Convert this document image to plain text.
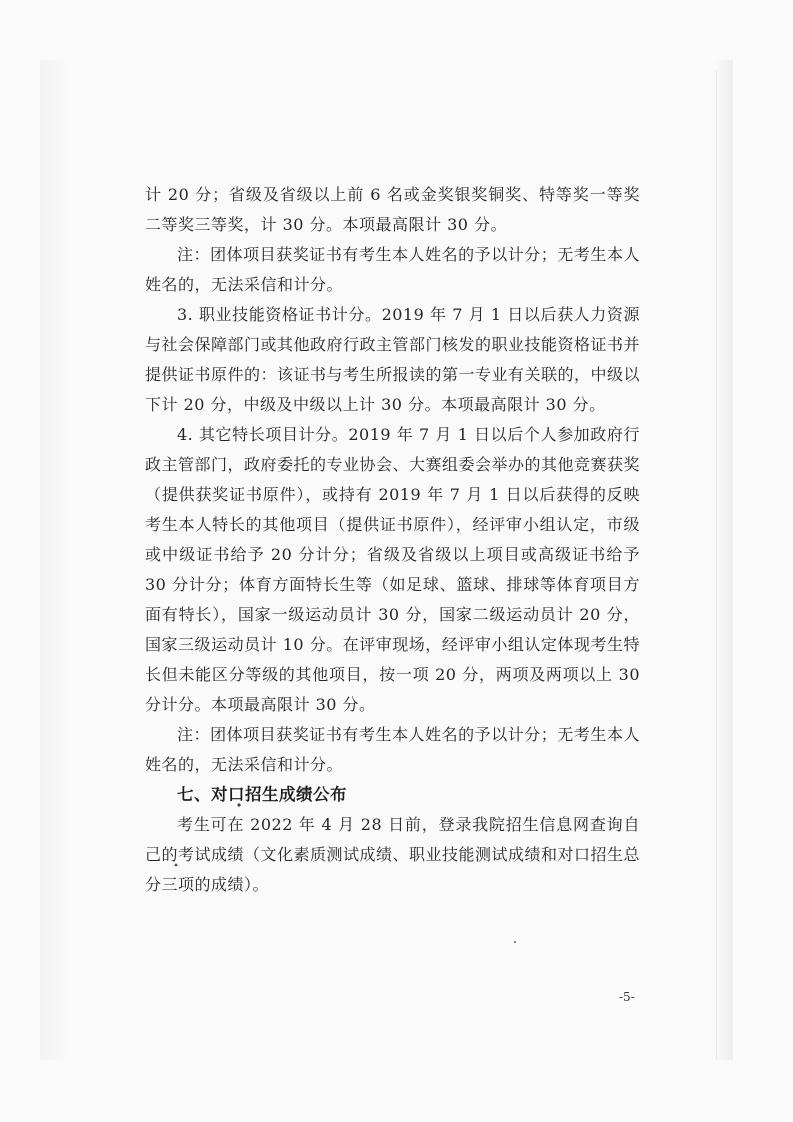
计 20 分；省级及省级以上前 6 名或金奖银奖铜奖、特等奖一等奖二等奖三等奖，计 30 分。本项最高限计 30 分。

注：团体项目获奖证书有考生本人姓名的予以计分；无考生本人姓名的，无法采信和计分。

3. 职业技能资格证书计分。2019 年 7 月 1 日以后获人力资源与社会保障部门或其他政府行政主管部门核发的职业技能资格证书并提供证书原件的：该证书与考生所报读的第一专业有关联的，中级以下计 20 分，中级及中级以上计 30 分。本项最高限计 30 分。

4. 其它特长项目计分。2019 年 7 月 1 日以后个人参加政府行政主管部门，政府委托的专业协会、大赛组委会举办的其他竞赛获奖（提供获奖证书原件），或持有 2019 年 7 月 1 日以后获得的反映考生本人特长的其他项目（提供证书原件），经评审小组认定，市级或中级证书给予 20 分计分；省级及省级以上项目或高级证书给予 30 分计分；体育方面特长生等（如足球、篮球、排球等体育项目方面有特长），国家一级运动员计 30 分，国家二级运动员计 20 分，国家三级运动员计 10 分。在评审现场，经评审小组认定体现考生特长但未能区分等级的其他项目，按一项 20 分，两项及两项以上 30 分计分。本项最高限计 30 分。

注：团体项目获奖证书有考生本人姓名的予以计分；无考生本人姓名的，无法采信和计分。

七、对口招生成绩公布

考生可在 2022 年 4 月 28 日前，登录我院招生信息网查询自己的考试成绩（文化素质测试成绩、职业技能测试成绩和对口招生总分三项的成绩）。

-5-
